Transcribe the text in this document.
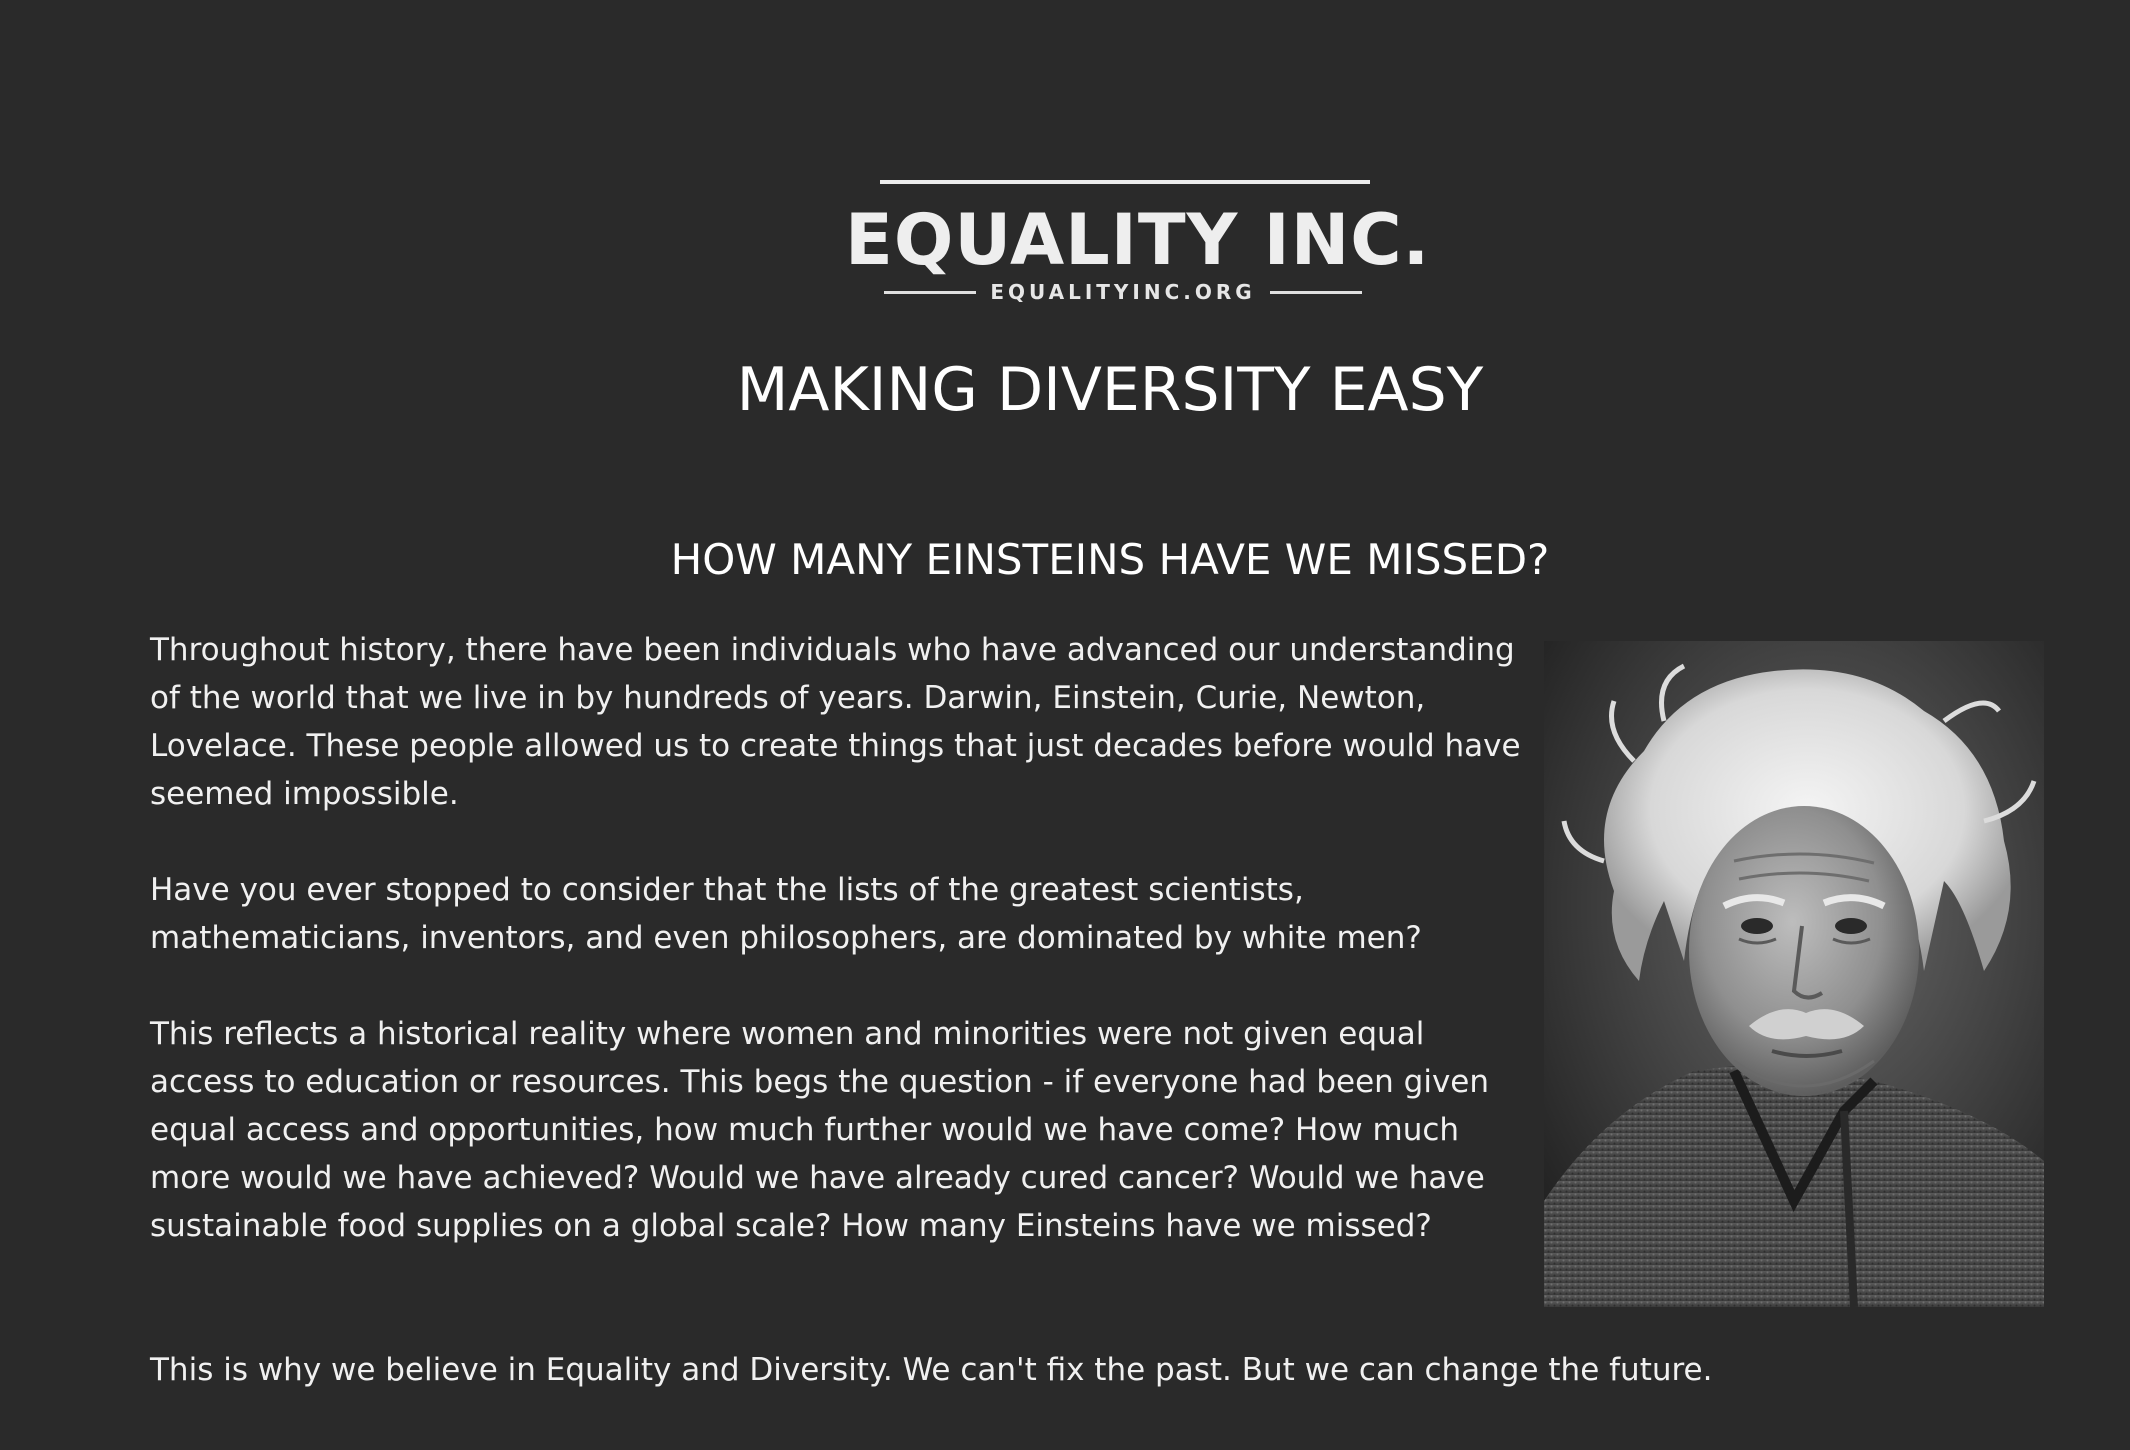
EQUALITY INC.
EQUALITYINC.ORG
MAKING DIVERSITY EASY
HOW MANY EINSTEINS HAVE WE MISSED?

Throughout history, there have been individuals who have advanced our understanding of the world that we live in by hundreds of years. Darwin, Einstein, Curie, Newton, Lovelace. These people allowed us to create things that just decades before would have seemed impossible.

Have you ever stopped to consider that the lists of the greatest scientists, mathematicians, inventors, and even philosophers, are dominated by white men?

This reflects a historical reality where women and minorities were not given equal access to education or resources. This begs the question - if everyone had been given equal access and opportunities, how much further would we have come? How much more would we have achieved? Would we have already cured cancer? Would we have sustainable food supplies on a global scale? How many Einsteins have we missed?

This is why we believe in Equality and Diversity. We can't fix the past. But we can change the future.
